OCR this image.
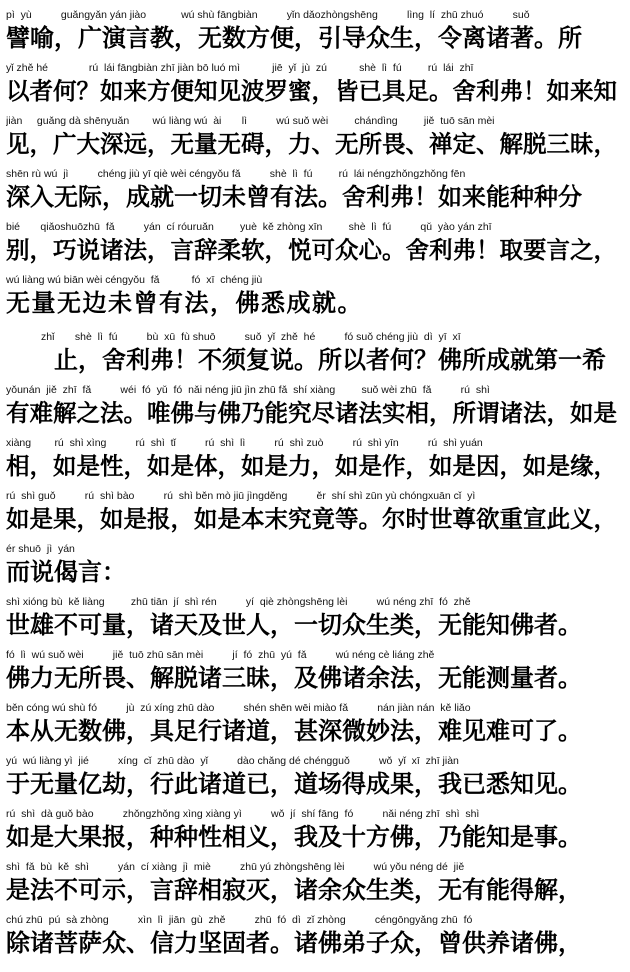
pì  yù          guǎngyǎn yán jiào            wú shù fāngbiàn          yǐn dǎozhòngshēng          lìng  lí  zhū zhuó          suǒ
譬喻，广演言教，无数方便，引导众生，令离诸著。所
yǐ zhě hé              rú  lái fāngbiàn zhī jiàn bō luó mì           jiē  yǐ  jù  zú           shè  lì  fú         rú  lái  zhī
以者何？如来方便知见波罗蜜，皆已具足。舍利弗！如来知
jiàn     guǎng dà shēnyuǎn        wú liàng wú  ài       lì          wú suǒ wèi         chándìng         jiě  tuō sān mèi
见，广大深远，无量无碍，力、无所畏、禅定、解脱三昧，
shēn rù wú  jì          chéng jiù yī qiè wèi céngyǒu fǎ          shè  lì  fú         rú  lái néngzhǒngzhǒng fēn
深入无际，成就一切未曾有法。舍利弗！如来能种种分
bié       qiǎoshuōzhū  fǎ          yán  cí róuruǎn         yuè  kě zhòng xīn         shè  lì  fú          qǔ  yào yán zhī
别，巧说诸法，言辞柔软，悦可众心。舍利弗！取要言之，
wú liàng wú biān wèi céngyǒu  fǎ           fó  xī  chéng jiù
无量无边未曾有法，佛悉成就。
zhǐ       shè  lì  fú          bù  xū  fù shuō          suǒ  yǐ  zhě  hé          fó suǒ chéng jiù  dì  yī  xī
　　止，舍利弗！不须复说。所以者何？佛所成就第一希
yǒunán  jiě  zhī  fǎ          wéi  fó  yǔ  fó  nǎi néng jiū jìn zhū fǎ  shí xiàng         suǒ wèi zhū  fǎ          rú  shì
有难解之法。唯佛与佛乃能究尽诸法实相，所谓诸法，如是
xiàng        rú  shì xìng          rú  shì  tǐ          rú  shì  lì          rú  shì zuò          rú  shì yīn          rú  shì yuán
相，如是性，如是体，如是力，如是作，如是因，如是缘，
rú  shì guǒ          rú  shì bào          rú  shì běn mò jiū jìngděng          ěr  shí shì zūn yù chóngxuān cǐ  yì
如是果，如是报，如是本末究竟等。尔时世尊欲重宣此义，
ér shuō  jì  yán
而说偈言：
shì xióng bù  kě liàng         zhū tiān  jí  shì rén          yí  qiè zhòngshēng lèi          wú néng zhī  fó  zhě
世雄不可量，诸天及世人，一切众生类，无能知佛者。
fó  lì  wú suǒ wèi          jiě  tuō zhū sān mèi          jí  fó  zhū  yú  fǎ          wú néng cè liáng zhě
佛力无所畏、解脱诸三昧，及佛诸余法，无能测量者。
běn cóng wú shù fó          jù  zú xíng zhū dào          shén shēn wēi miào fǎ          nán jiàn nán  kě liǎo
本从无数佛，具足行诸道，甚深微妙法，难见难可了。
yú  wú liàng yì  jié          xíng  cǐ  zhū dào  yǐ          dào chǎng dé chéngguǒ          wǒ  yǐ  xī  zhī jiàn
于无量亿劫，行此诸道已，道场得成果，我已悉知见。
rú  shì  dà guǒ bào          zhǒngzhǒng xìng xiàng yì          wǒ  jí  shí fāng  fó          nǎi néng zhī  shì  shì
如是大果报，种种性相义，我及十方佛，乃能知是事。
shì  fǎ  bù  kě  shì          yán  cí xiàng  jì  miè          zhū yú zhòngshēng lèi          wú yǒu néng dé  jiě
是法不可示，言辞相寂灭，诸余众生类，无有能得解，
chú zhū  pú  sà zhòng          xìn  lì  jiān  gù  zhě          zhū  fó  dì  zǐ zhòng          céngōngyǎng zhū  fó
除诸菩萨众、信力坚固者。诸佛弟子众，曾供养诸佛，
